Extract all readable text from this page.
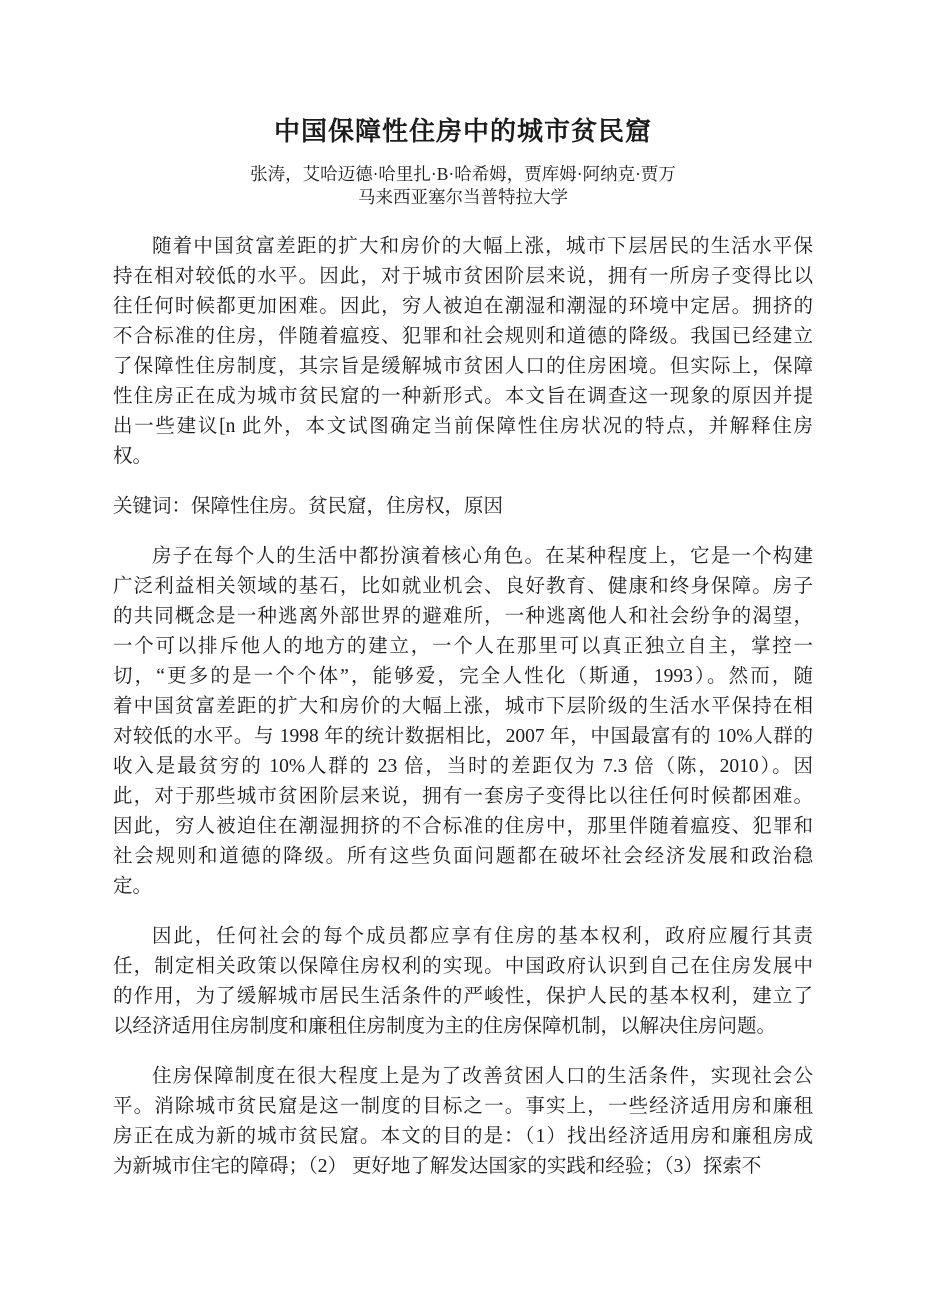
中国保障性住房中的城市贫民窟
张涛，艾哈迈德·哈里扎·B·哈希姆，贾库姆·阿纳克·贾万
马来西亚塞尔当普特拉大学
随着中国贫富差距的扩大和房价的大幅上涨，城市下层居民的生活水平保
持在相对较低的水平。因此，对于城市贫困阶层来说，拥有一所房子变得比以
往任何时候都更加困难。因此，穷人被迫在潮湿和潮湿的环境中定居。拥挤的
不合标准的住房，伴随着瘟疫、犯罪和社会规则和道德的降级。我国已经建立
了保障性住房制度，其宗旨是缓解城市贫困人口的住房困境。但实际上，保障
性住房正在成为城市贫民窟的一种新形式。本文旨在调查这一现象的原因并提
出一些建议[n 此外，本文试图确定当前保障性住房状况的特点，并解释住房
权。
关键词：保障性住房。贫民窟，住房权，原因
房子在每个人的生活中都扮演着核心角色。在某种程度上，它是一个构建
广泛利益相关领域的基石，比如就业机会、良好教育、健康和终身保障。房子
的共同概念是一种逃离外部世界的避难所，一种逃离他人和社会纷争的渴望，
一个可以排斥他人的地方的建立，一个人在那里可以真正独立自主，掌控一
切，“更多的是一个个体”，能够爱，完全人性化（斯通，1993）。然而，随
着中国贫富差距的扩大和房价的大幅上涨，城市下层阶级的生活水平保持在相
对较低的水平。与 1998 年的统计数据相比，2007 年，中国最富有的 10%人群的
收入是最贫穷的 10%人群的 23 倍，当时的差距仅为 7.3 倍（陈，2010）。因
此，对于那些城市贫困阶层来说，拥有一套房子变得比以往任何时候都困难。
因此，穷人被迫住在潮湿拥挤的不合标准的住房中，那里伴随着瘟疫、犯罪和
社会规则和道德的降级。所有这些负面问题都在破坏社会经济发展和政治稳
定。
因此，任何社会的每个成员都应享有住房的基本权利，政府应履行其责
任，制定相关政策以保障住房权利的实现。中国政府认识到自己在住房发展中
的作用，为了缓解城市居民生活条件的严峻性，保护人民的基本权利，建立了
以经济适用住房制度和廉租住房制度为主的住房保障机制，以解决住房问题。
住房保障制度在很大程度上是为了改善贫困人口的生活条件，实现社会公
平。消除城市贫民窟是这一制度的目标之一。事实上，一些经济适用房和廉租
房正在成为新的城市贫民窟。本文的目的是：（1）找出经济适用房和廉租房成
为新城市住宅的障碍；（2） 更好地了解发达国家的实践和经验；（3）探索不
